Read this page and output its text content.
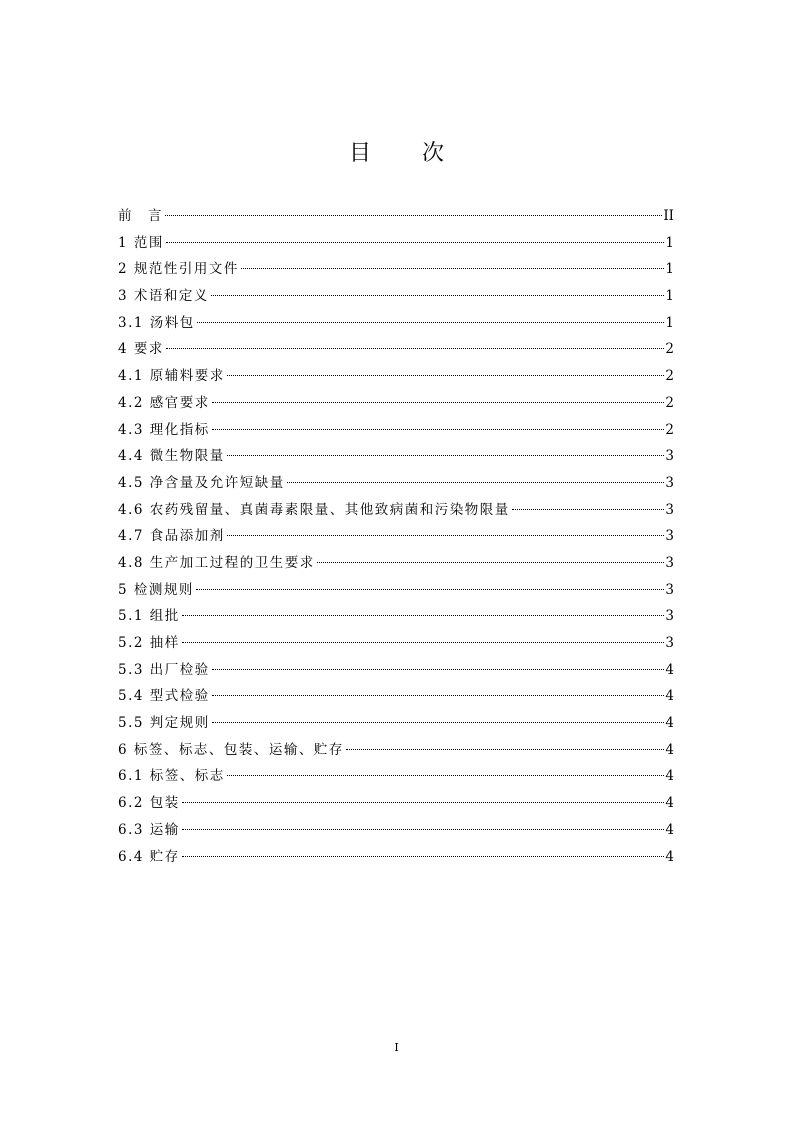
目 次
前　言	II
1 范围	1
2 规范性引用文件	1
3 术语和定义	1
3.1 汤料包	1
4 要求	2
4.1 原辅料要求	2
4.2 感官要求	2
4.3 理化指标	2
4.4 微生物限量	3
4.5 净含量及允许短缺量	3
4.6 农药残留量、真菌毒素限量、其他致病菌和污染物限量	3
4.7 食品添加剂	3
4.8 生产加工过程的卫生要求	3
5 检测规则	3
5.1 组批	3
5.2 抽样	3
5.3 出厂检验	4
5.4 型式检验	4
5.5 判定规则	4
6 标签、标志、包装、运输、贮存	4
6.1 标签、标志	4
6.2 包装	4
6.3 运输	4
6.4 贮存	4
I
